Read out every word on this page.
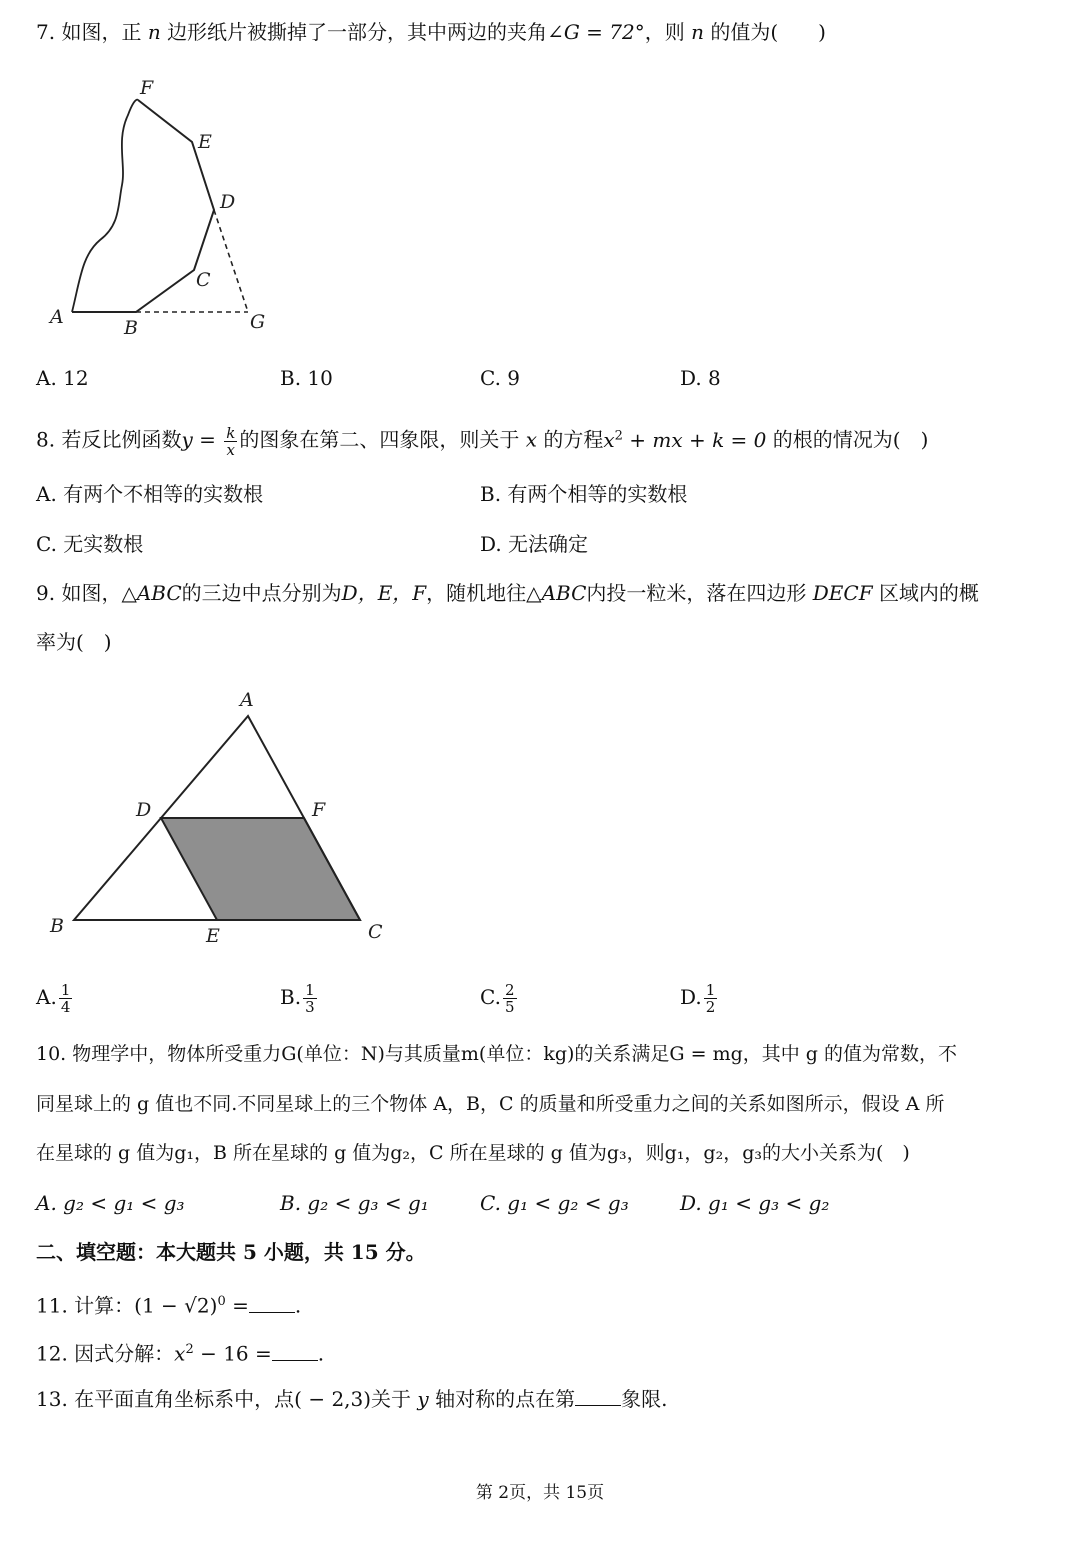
7. 如图，正 n 边形纸片被撕掉了一部分，其中两边的夹角∠G = 72°，则 n 的值为(　　)
F
E
D
C
A	B	G
A. 12	B. 10	C. 9	D. 8
8. 若反比例函数$y = \frac{k}{x}$ 的图象在第二、四象限，则关于 x 的方程$x^2$ + mx + k = 0 的根的情况为(　)
A. 有两个不相等的实数根	B. 有两个相等的实数根
C. 无实数根	D. 无法确定
9. 如图，△ABC的三边中点分别为D，E，F，随机地往△ABC内投一粒米，落在四边形 DECF 区域内的概
率为(　)
A
D	F
B	E	C
A. $\frac{1}{4}$	B. $\frac{1}{3}$	C. $\frac{2}{5}$	D. $\frac{1}{2}$
10. 物理学中，物体所受重力G(单位：N)与其质量m(单位：kg)的关系满足G = mg，其中 g 的值为常数，不
同星球上的 g 值也不同.不同星球上的三个物体 A，B，C 的质量和所受重力之间的关系如图所示，假设 A 所
在星球的 g 值为g₁，B 所在星球的 g 值为g₂，C 所在星球的 g 值为g₃，则g₁，g₂，g₃的大小关系为(　)
A. g₂ < g₁ < g₃	B. g₂ < g₃ < g₁	C. g₁ < g₂ < g₃	D. g₁ < g₃ < g₂
二、填空题：本大题共 5 小题，共 15 分。
11. 计算：$(1 - √2)^0$ = .
12. 因式分解：$x^2 - 16$ = .
13. 在平面直角坐标系中，点( − 2,3)关于 y 轴对称的点在第 象限.
第 2页，共 15页
